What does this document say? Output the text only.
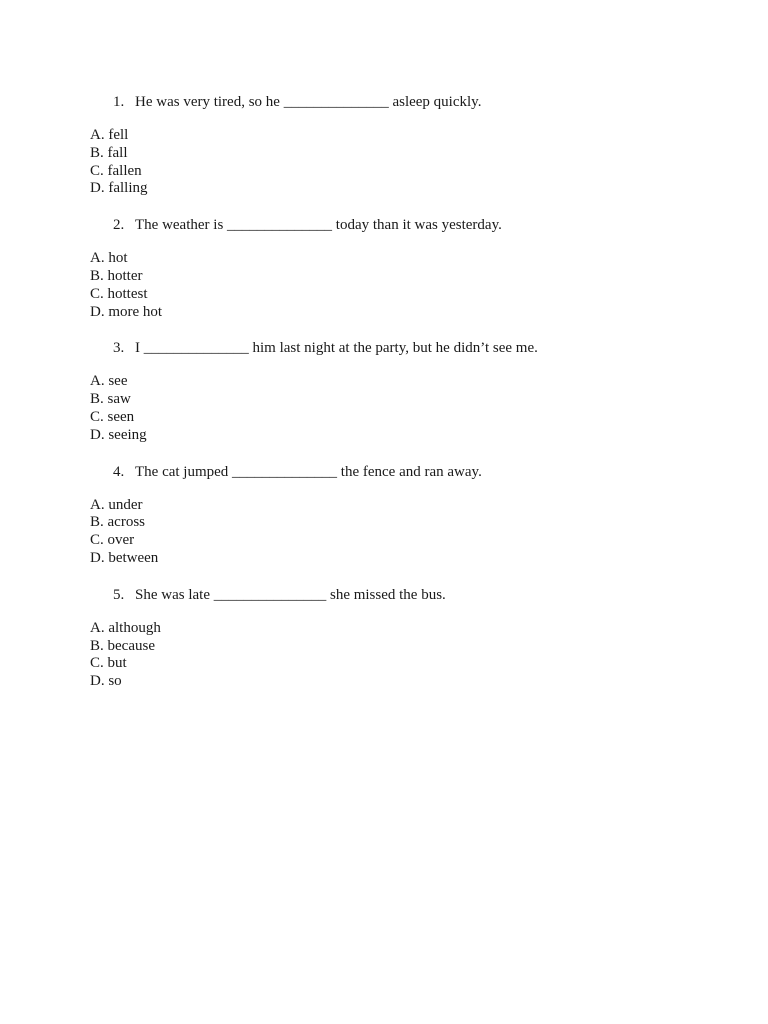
1. He was very tired, so he ______________ asleep quickly.
A. fell
B. fall
C. fallen
D. falling
2. The weather is ______________ today than it was yesterday.
A. hot
B. hotter
C. hottest
D. more hot
3. I ______________ him last night at the party, but he didn’t see me.
A. see
B. saw
C. seen
D. seeing
4. The cat jumped ______________ the fence and ran away.
A. under
B. across
C. over
D. between
5. She was late _______________ she missed the bus.
A. although
B. because
C. but
D. so
